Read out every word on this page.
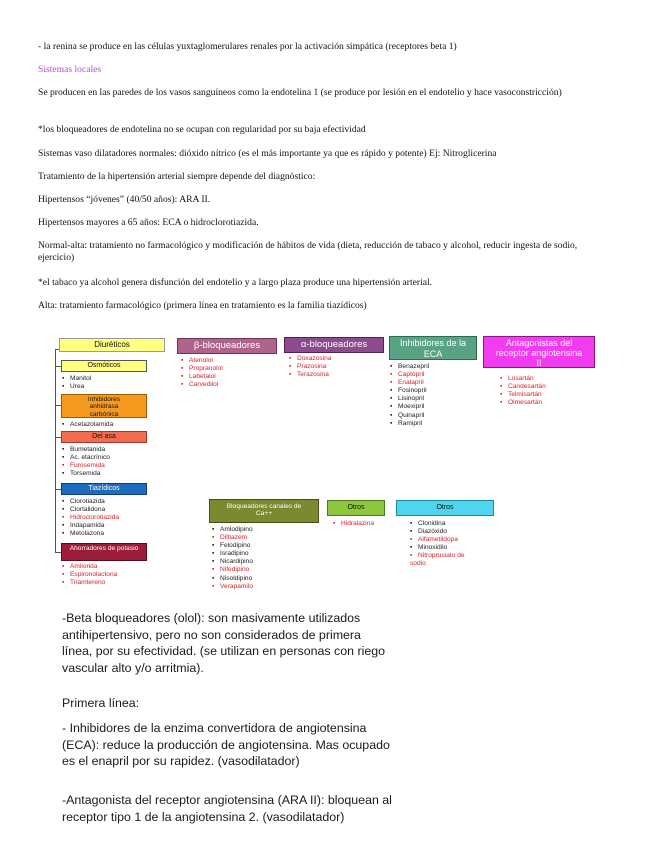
- la renina se produce en las células yuxtaglomerulares renales por la activación simpática (receptores beta 1)

Sistemas locales

Se producen en las paredes de los vasos sanguíneos como la endotelina 1 (se produce por lesión en el endotelio y hace vasoconstricción)

*los bloqueadores de endotelina no se ocupan con regularidad por su baja efectividad

Sistemas vaso dilatadores normales: dióxido nítrico (es el más importante ya que es rápido y potente) Ej: Nitroglicerina

Tratamiento de la hipertensión arterial siempre depende del diagnóstico:

Hipertensos “jóvenes” (40/50 años): ARA II.

Hipertensos mayores a 65 años: ECA o hidroclorotiazida.

Normal-alta: tratamiento no farmacológico y modificación de hábitos de vida (dieta, reducción de tabaco y alcohol, reducir ingesta de sodio, ejercicio)

*el tabaco ya alcohol genera disfunción del endotelio y a largo plaza produce una hipertensión arterial.

Alta: tratamiento farmacológico (primera línea en tratamiento es la familia tiazídicos)

Diuréticos
Osmóticos
▪ Manitol
▪ Urea
Inhibidores anhidrasa carbónica
▪ Acetazolamida
Del asa
▪ Bumetanida
▪ Ac. etacrínico
▪ Furosemida
▪ Torsemida
Tiazídicos
▪ Clorotiazida
▪ Clortalidona
▪ Hidroclorotiazida
▪ Indapamida
▪ Metolazona
Ahorradores de potasio
▪ Amilorida
▪ Espironolactona
▪ Triamtereno
β-bloqueadores
▪ Atenolol
▪ Propranolol
▪ Labetalol
▪ Carvedilol
α-bloqueadores
▪ Doxazosina
▪ Prazosina
▪ Terazosina
Inhibidores de la ECA
▪ Benazepril
▪ Captopril
▪ Enalapril
▪ Fosinopril
▪ Lisinopril
▪ Moexipril
▪ Quinapril
▪ Ramipril
Antagonistas del receptor angiotensina II
▪ Losartán
▪ Candesartán
▪ Telmisartán
▪ Olmesartán
Bloqueadores canales de Ca++
▪ Amlodipino
▪ Diltiazem
▪ Felodipino
▪ Isradipino
▪ Nicardipino
▪ Nifedipino
▪ Nisoldipino
▪ Verapamilo
Otros
▪ Hidralazina
Otros
▪ Clonidina
▪ Diazóxido
▪ Alfametildopa
▪ Minoxidilo
▪ Nitroprusiato de sodio

-Beta bloqueadores (olol): son masivamente utilizados antihipertensivo, pero no son considerados de primera línea, por su efectividad. (se utilizan en personas con riego vascular alto y/o arritmia).

Primera línea:

- Inhibidores de la enzima convertidora de angiotensina (ECA): reduce la producción de angiotensina. Mas ocupado es el enapril por su rapidez. (vasodilatador)

-Antagonista del receptor angiotensina (ARA II): bloquean al receptor tipo 1 de la angiotensina 2. (vasodilatador)
